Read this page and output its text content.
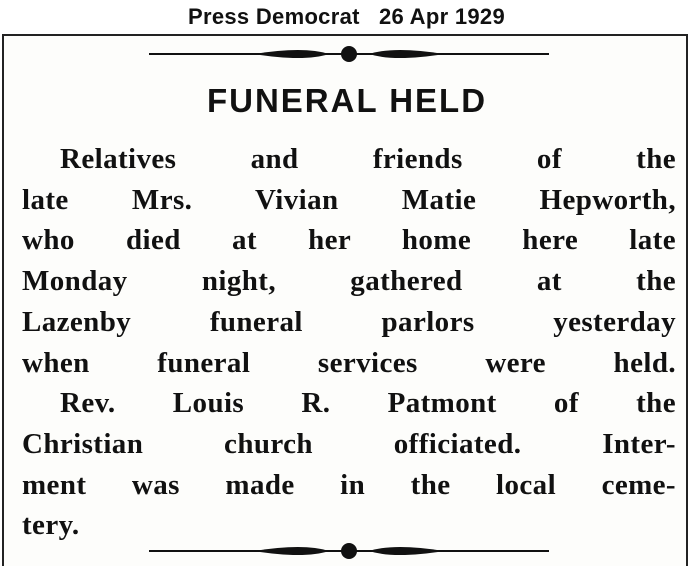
Press Democrat   26 Apr 1929
FUNERAL HELD
Relatives and friends of the
late Mrs. Vivian Matie Hepworth,
who died at her home here late
Monday night, gathered at the
Lazenby funeral parlors yesterday
when funeral services were held.
Rev. Louis R. Patmont of the
Christian church officiated. Inter-
ment was made in the local ceme-
tery.
